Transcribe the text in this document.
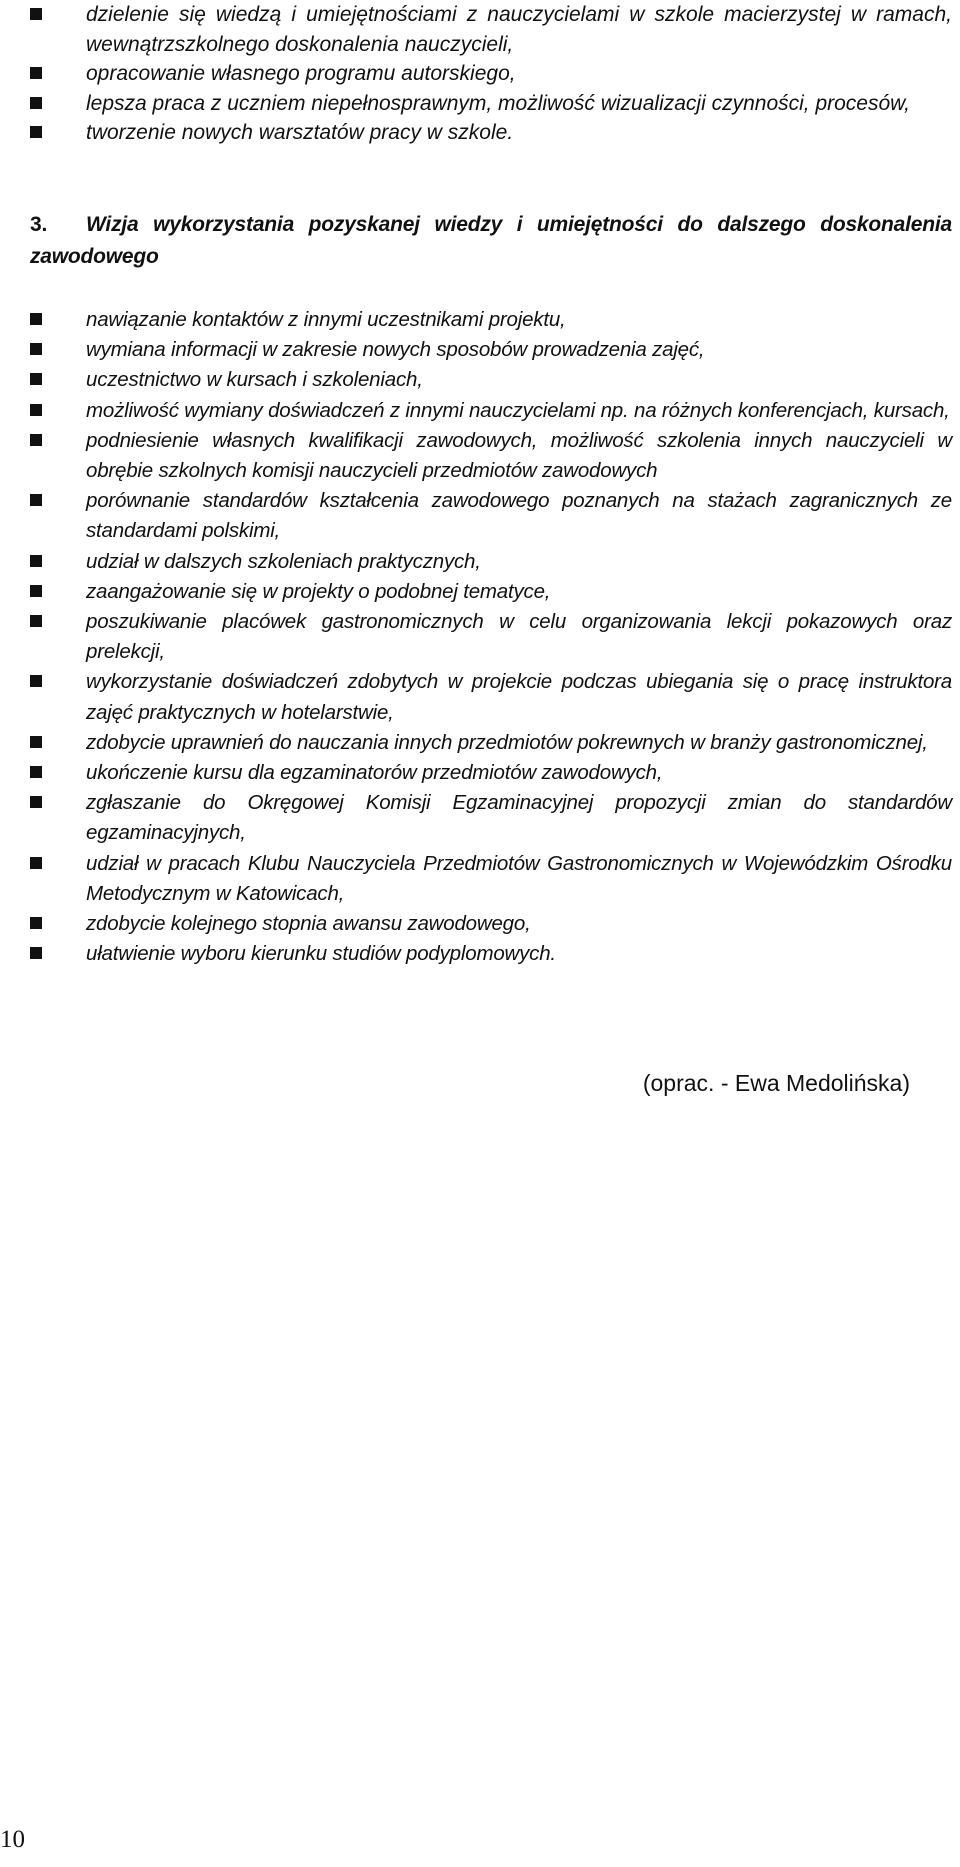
dzielenie się wiedzą i umiejętnościami z nauczycielami w szkole macierzystej w ramach, wewnątrzszkolnego doskonalenia nauczycieli,
opracowanie własnego programu autorskiego,
lepsza praca z uczniem niepełnosprawnym, możliwość wizualizacji czynności, procesów,
tworzenie nowych warsztatów pracy w szkole.
3. Wizja wykorzystania pozyskanej wiedzy i umiejętności do dalszego doskonalenia zawodowego
nawiązanie kontaktów z innymi uczestnikami projektu,
wymiana informacji w zakresie nowych sposobów prowadzenia zajęć,
uczestnictwo w kursach i szkoleniach,
możliwość wymiany doświadczeń z innymi nauczycielami np. na różnych konferencjach, kursach,
podniesienie własnych kwalifikacji zawodowych, możliwość szkolenia innych nauczycieli w obrębie szkolnych komisji nauczycieli przedmiotów zawodowych
porównanie standardów kształcenia zawodowego poznanych na stażach zagranicznych ze standardami polskimi,
udział w dalszych szkoleniach praktycznych,
zaangażowanie się w projekty o podobnej tematyce,
poszukiwanie placówek gastronomicznych w celu organizowania lekcji pokazowych oraz prelekcji,
wykorzystanie doświadczeń zdobytych w projekcie podczas ubiegania się o pracę instruktora zajęć praktycznych w hotelarstwie,
zdobycie uprawnień do nauczania innych przedmiotów pokrewnych w branży gastronomicznej,
ukończenie kursu dla egzaminatorów przedmiotów zawodowych,
zgłaszanie do Okręgowej Komisji Egzaminacyjnej propozycji zmian do standardów egzaminacyjnych,
udział w pracach Klubu Nauczyciela Przedmiotów Gastronomicznych w Wojewódzkim Ośrodku Metodycznym w Katowicach,
zdobycie kolejnego stopnia awansu zawodowego,
ułatwienie wyboru kierunku studiów podyplomowych.
(oprac. - Ewa Medolińska)
10
